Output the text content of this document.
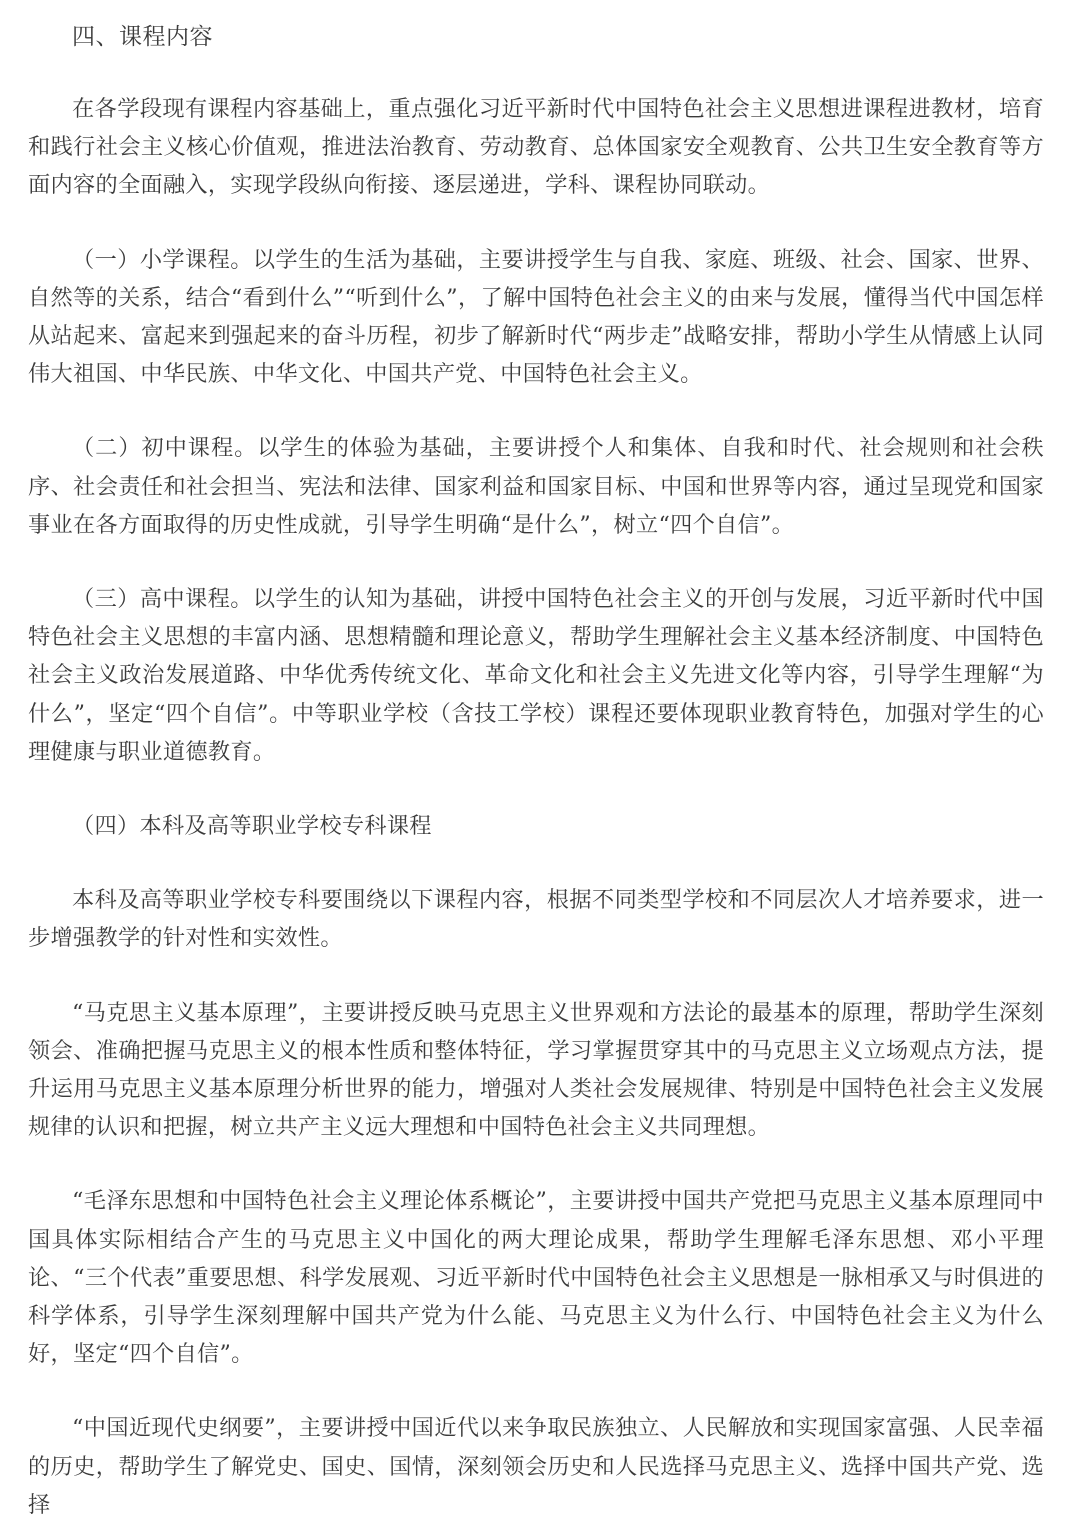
四、课程内容

在各学段现有课程内容基础上，重点强化习近平新时代中国特色社会主义思想进课程进教材，培育和践行社会主义核心价值观，推进法治教育、劳动教育、总体国家安全观教育、公共卫生安全教育等方面内容的全面融入，实现学段纵向衔接、逐层递进，学科、课程协同联动。

（一）小学课程。以学生的生活为基础，主要讲授学生与自我、家庭、班级、社会、国家、世界、自然等的关系，结合“看到什么”“听到什么”，了解中国特色社会主义的由来与发展，懂得当代中国怎样从站起来、富起来到强起来的奋斗历程，初步了解新时代“两步走”战略安排，帮助小学生从情感上认同伟大祖国、中华民族、中华文化、中国共产党、中国特色社会主义。

（二）初中课程。以学生的体验为基础，主要讲授个人和集体、自我和时代、社会规则和社会秩序、社会责任和社会担当、宪法和法律、国家利益和国家目标、中国和世界等内容，通过呈现党和国家事业在各方面取得的历史性成就，引导学生明确“是什么”，树立“四个自信”。

（三）高中课程。以学生的认知为基础，讲授中国特色社会主义的开创与发展，习近平新时代中国特色社会主义思想的丰富内涵、思想精髓和理论意义，帮助学生理解社会主义基本经济制度、中国特色社会主义政治发展道路、中华优秀传统文化、革命文化和社会主义先进文化等内容，引导学生理解“为什么”，坚定“四个自信”。中等职业学校（含技工学校）课程还要体现职业教育特色，加强对学生的心理健康与职业道德教育。

（四）本科及高等职业学校专科课程

本科及高等职业学校专科要围绕以下课程内容，根据不同类型学校和不同层次人才培养要求，进一步增强教学的针对性和实效性。

“马克思主义基本原理”，主要讲授反映马克思主义世界观和方法论的最基本的原理，帮助学生深刻领会、准确把握马克思主义的根本性质和整体特征，学习掌握贯穿其中的马克思主义立场观点方法，提升运用马克思主义基本原理分析世界的能力，增强对人类社会发展规律、特别是中国特色社会主义发展规律的认识和把握，树立共产主义远大理想和中国特色社会主义共同理想。

“毛泽东思想和中国特色社会主义理论体系概论”，主要讲授中国共产党把马克思主义基本原理同中国具体实际相结合产生的马克思主义中国化的两大理论成果，帮助学生理解毛泽东思想、邓小平理论、“三个代表”重要思想、科学发展观、习近平新时代中国特色社会主义思想是一脉相承又与时俱进的科学体系，引导学生深刻理解中国共产党为什么能、马克思主义为什么行、中国特色社会主义为什么好，坚定“四个自信”。

“中国近现代史纲要”，主要讲授中国近代以来争取民族独立、人民解放和实现国家富强、人民幸福的历史，帮助学生了解党史、国史、国情，深刻领会历史和人民选择马克思主义、选择中国共产党、选择
